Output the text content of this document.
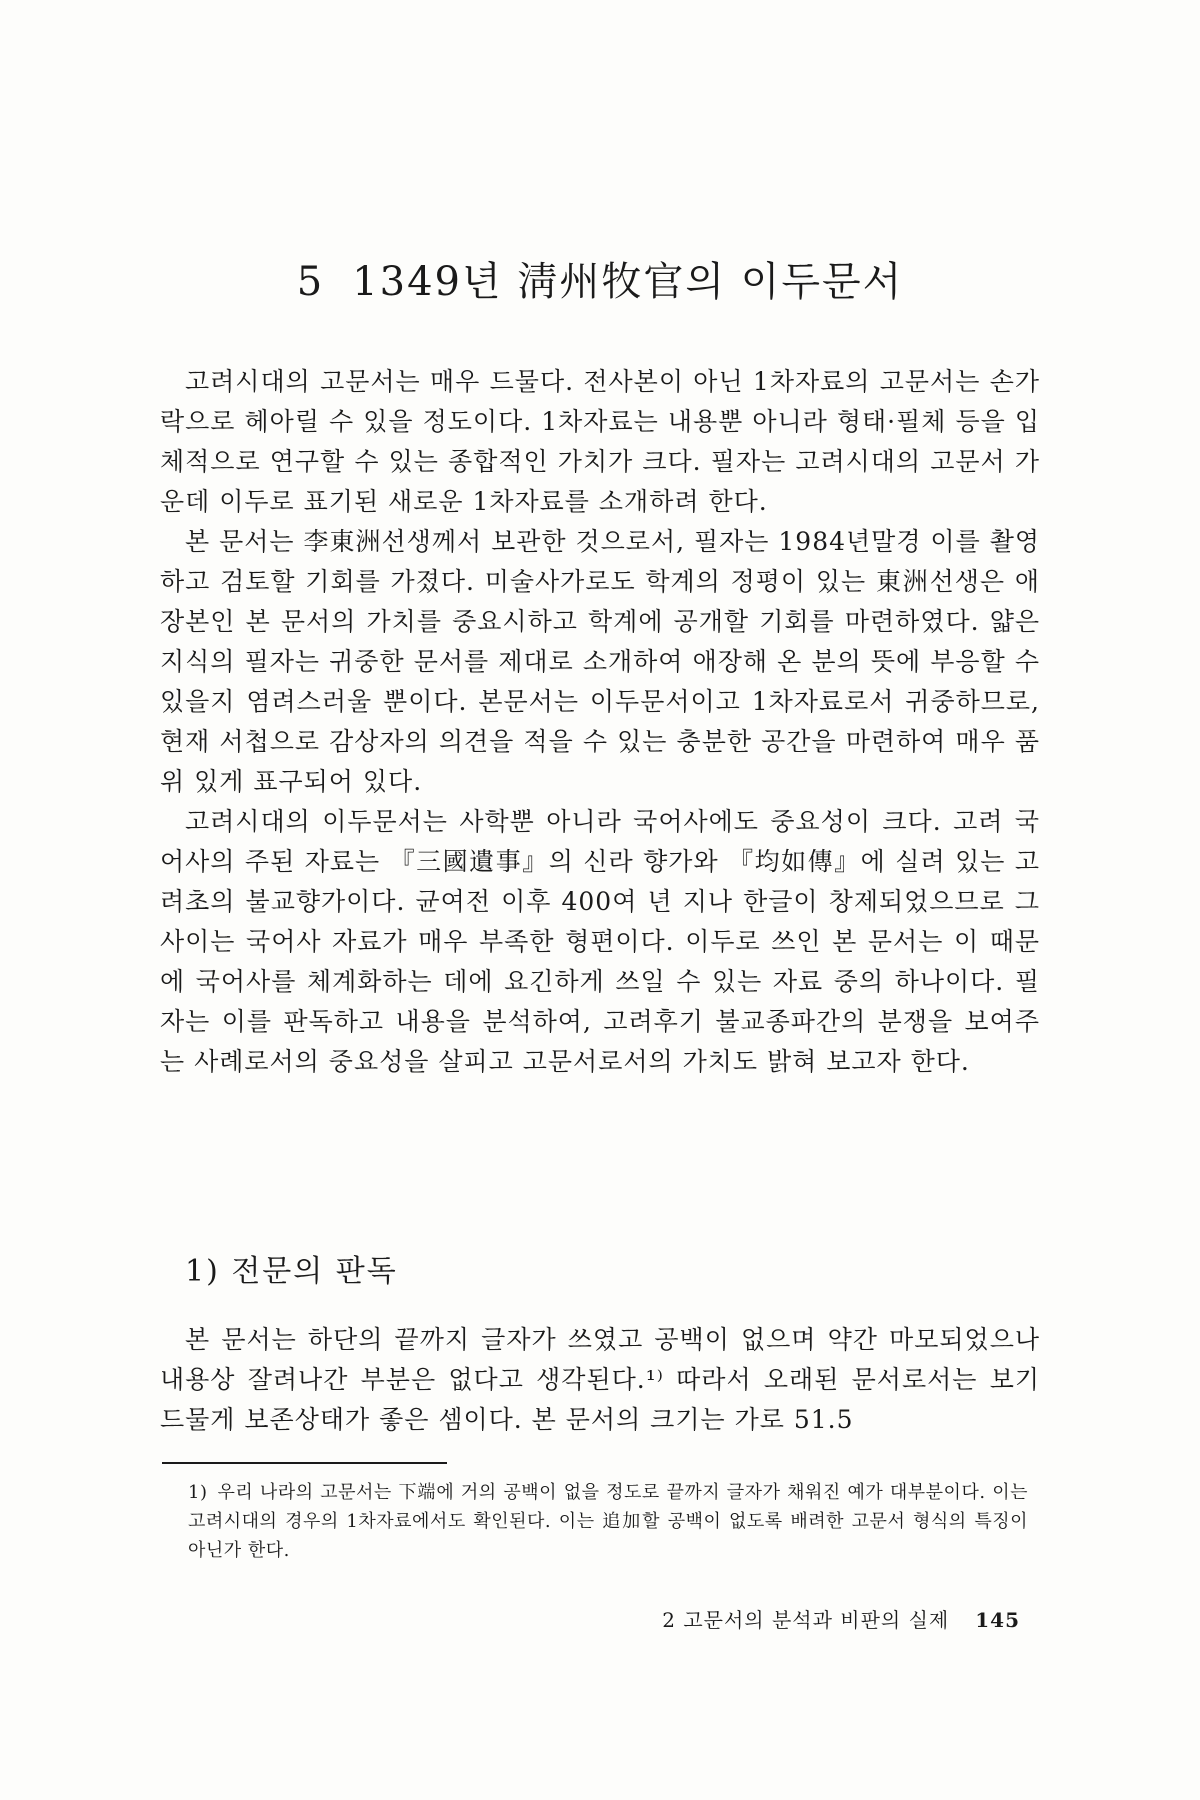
5 1349년 淸州牧官의 이두문서

고려시대의 고문서는 매우 드물다. 전사본이 아닌 1차자료의 고문서는 손가락으로 헤아릴 수 있을 정도이다. 1차자료는 내용뿐 아니라 형태·필체 등을 입체적으로 연구할 수 있는 종합적인 가치가 크다. 필자는 고려시대의 고문서 가운데 이두로 표기된 새로운 1차자료를 소개하려 한다.

본 문서는 李東洲선생께서 보관한 것으로서, 필자는 1984년말경 이를 촬영하고 검토할 기회를 가졌다. 미술사가로도 학계의 정평이 있는 東洲선생은 애장본인 본 문서의 가치를 중요시하고 학계에 공개할 기회를 마련하였다. 얇은 지식의 필자는 귀중한 문서를 제대로 소개하여 애장해 온 분의 뜻에 부응할 수 있을지 염려스러울 뿐이다. 본문서는 이두문서이고 1차자료로서 귀중하므로, 현재 서첩으로 감상자의 의견을 적을 수 있는 충분한 공간을 마련하여 매우 품위 있게 표구되어 있다.

고려시대의 이두문서는 사학뿐 아니라 국어사에도 중요성이 크다. 고려 국어사의 주된 자료는 『三國遺事』의 신라 향가와 『均如傳』에 실려 있는 고려초의 불교향가이다. 균여전 이후 400여 년 지나 한글이 창제되었으므로 그 사이는 국어사 자료가 매우 부족한 형편이다. 이두로 쓰인 본 문서는 이 때문에 국어사를 체계화하는 데에 요긴하게 쓰일 수 있는 자료 중의 하나이다. 필자는 이를 판독하고 내용을 분석하여, 고려후기 불교종파간의 분쟁을 보여주는 사례로서의 중요성을 살피고 고문서로서의 가치도 밝혀 보고자 한다.

1) 전문의 판독

본 문서는 하단의 끝까지 글자가 쓰였고 공백이 없으며 약간 마모되었으나 내용상 잘려나간 부분은 없다고 생각된다.¹⁾ 따라서 오래된 문서로서는 보기 드물게 보존상태가 좋은 셈이다. 본 문서의 크기는 가로 51.5

1) 우리 나라의 고문서는 下端에 거의 공백이 없을 정도로 끝까지 글자가 채워진 예가 대부분이다. 이는 고려시대의 경우의 1차자료에서도 확인된다. 이는 追加할 공백이 없도록 배려한 고문서 형식의 특징이 아닌가 한다.
2 고문서의 분석과 비판의 실제 145
